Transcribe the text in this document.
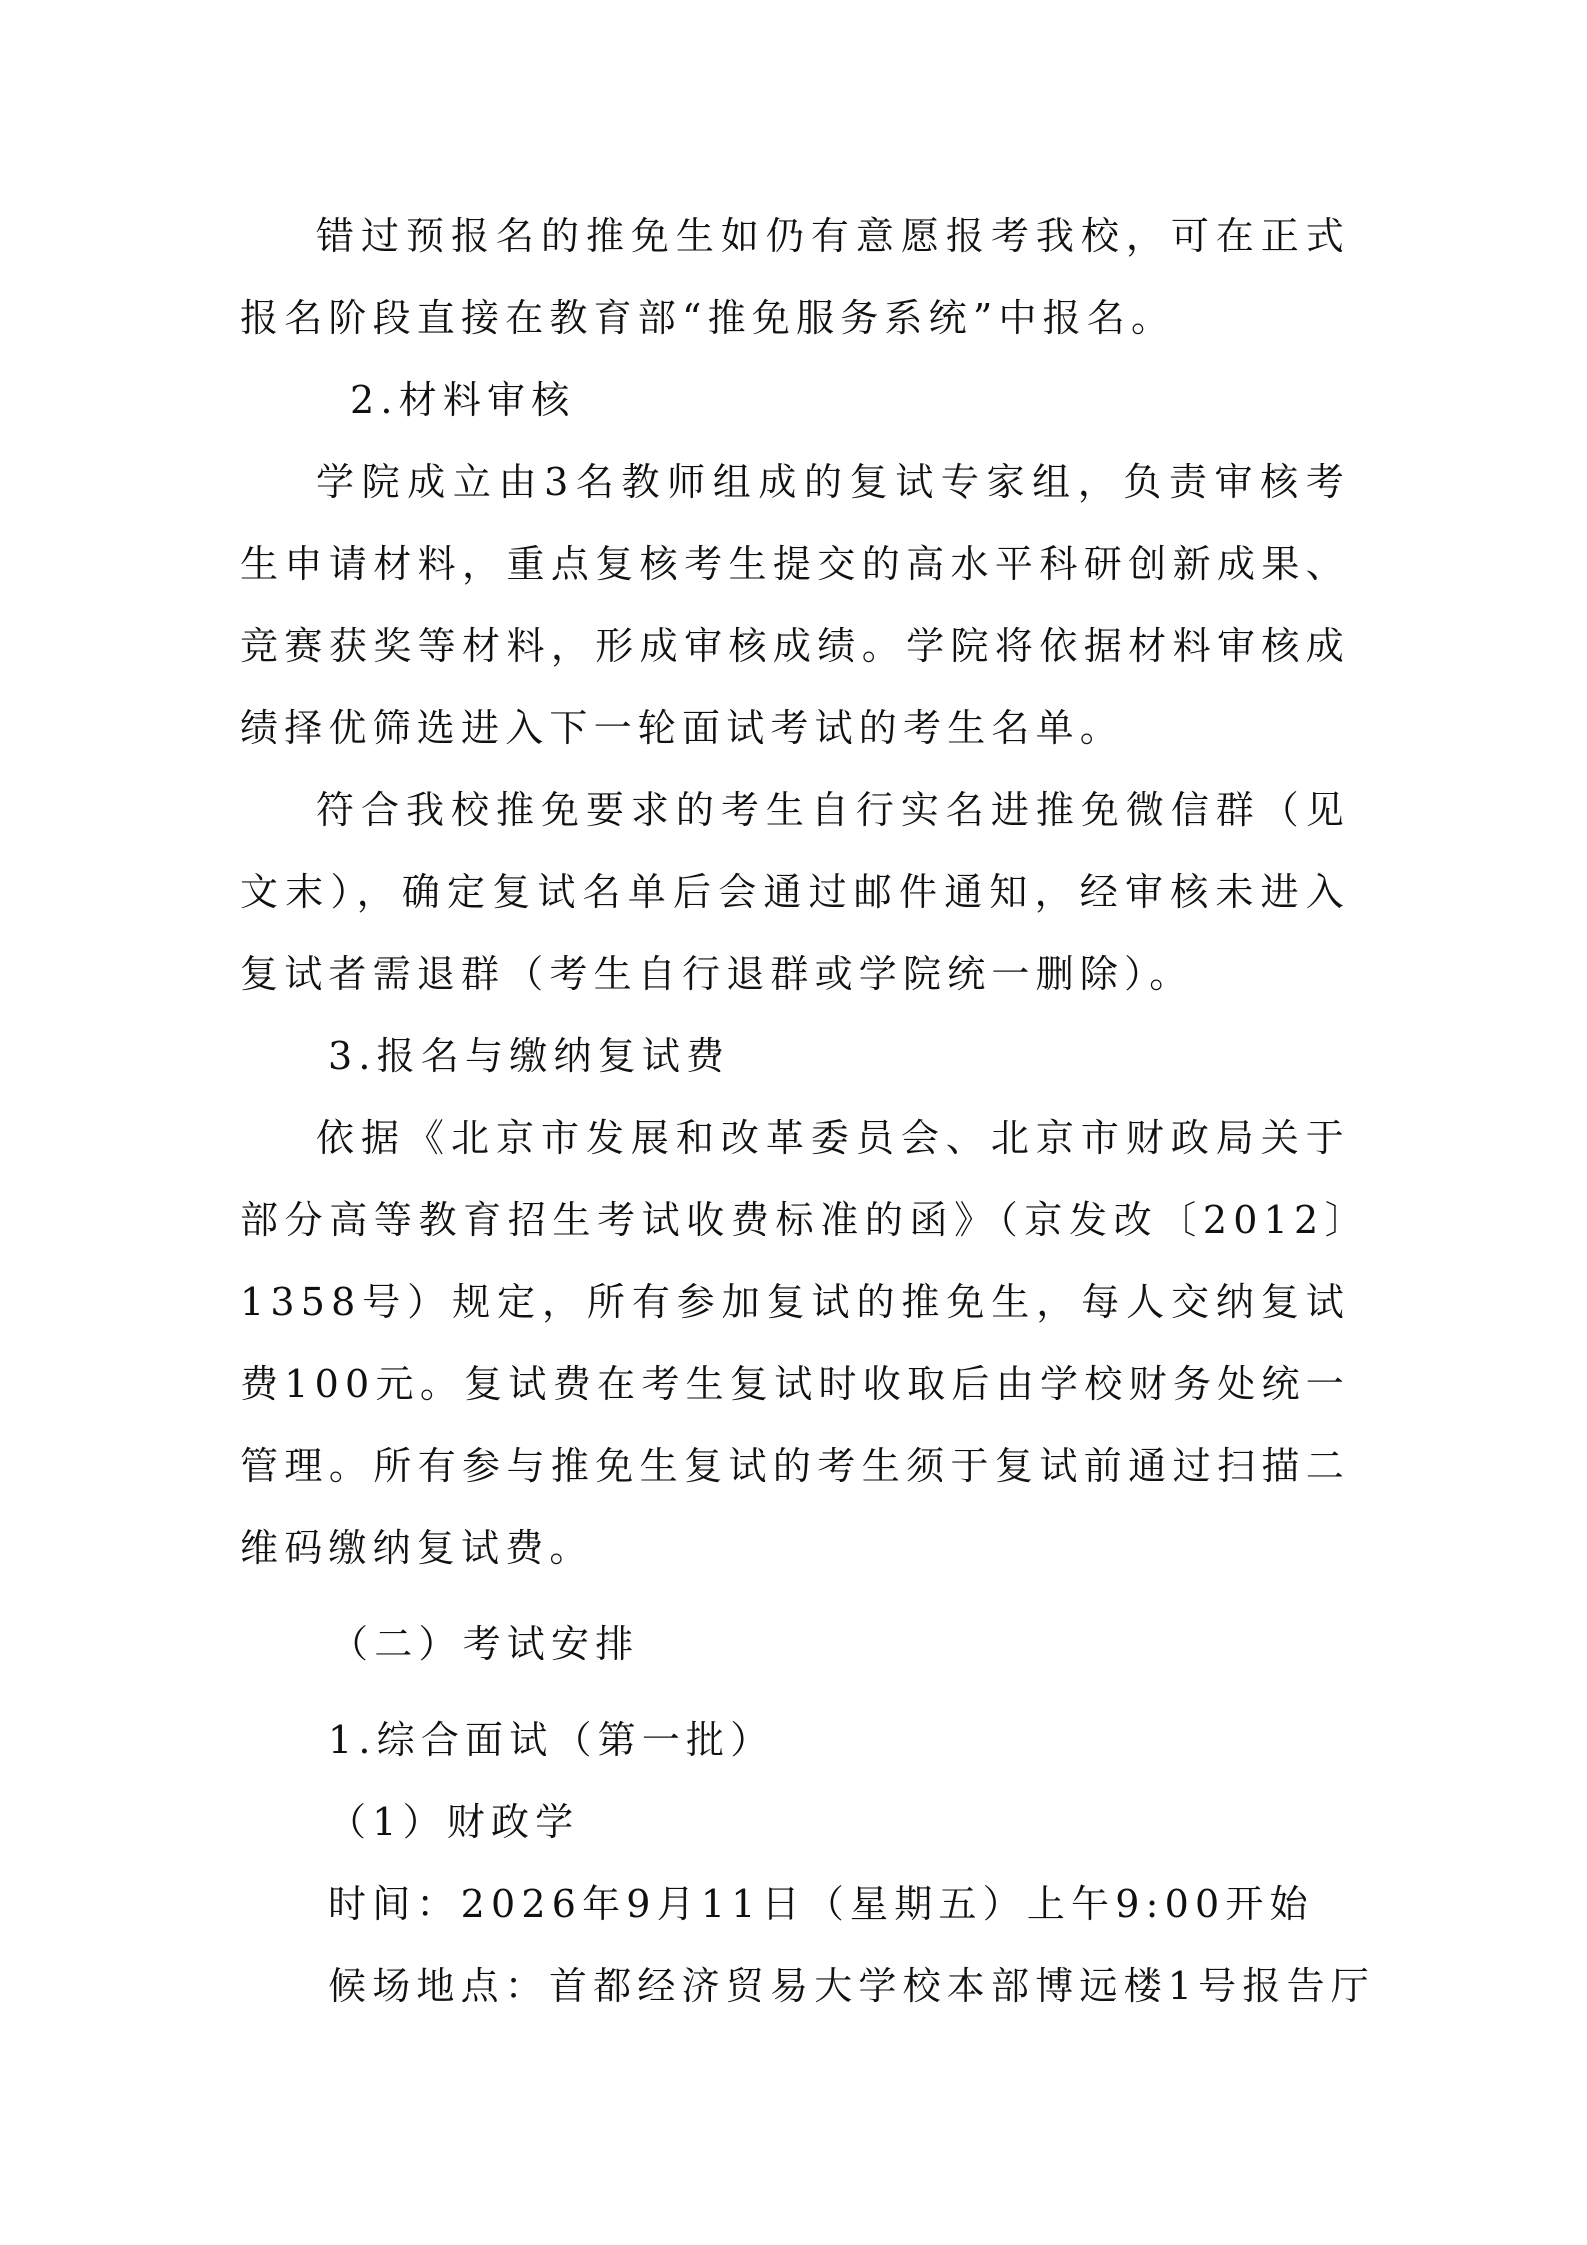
错过预报名的推免生如仍有意愿报考我校，可在正式报名阶段直接在教育部“推免服务系统”中报名。

2.材料审核

学院成立由3名教师组成的复试专家组，负责审核考生申请材料，重点复核考生提交的高水平科研创新成果、竞赛获奖等材料，形成审核成绩。学院将依据材料审核成绩择优筛选进入下一轮面试考试的考生名单。

符合我校推免要求的考生自行实名进推免微信群（见文末），确定复试名单后会通过邮件通知，经审核未进入复试者需退群（考生自行退群或学院统一删除）。

3.报名与缴纳复试费

依据《北京市发展和改革委员会、北京市财政局关于部分高等教育招生考试收费标准的函》（京发改〔2012〕1358号）规定，所有参加复试的推免生，每人交纳复试费100元。复试费在考生复试时收取后由学校财务处统一管理。所有参与推免生复试的考生须于复试前通过扫描二维码缴纳复试费。

（二）考试安排

1.综合面试（第一批）

（1）财政学

时间：2026年9月11日（星期五）上午9:00开始

候场地点：首都经济贸易大学校本部博远楼1号报告厅
